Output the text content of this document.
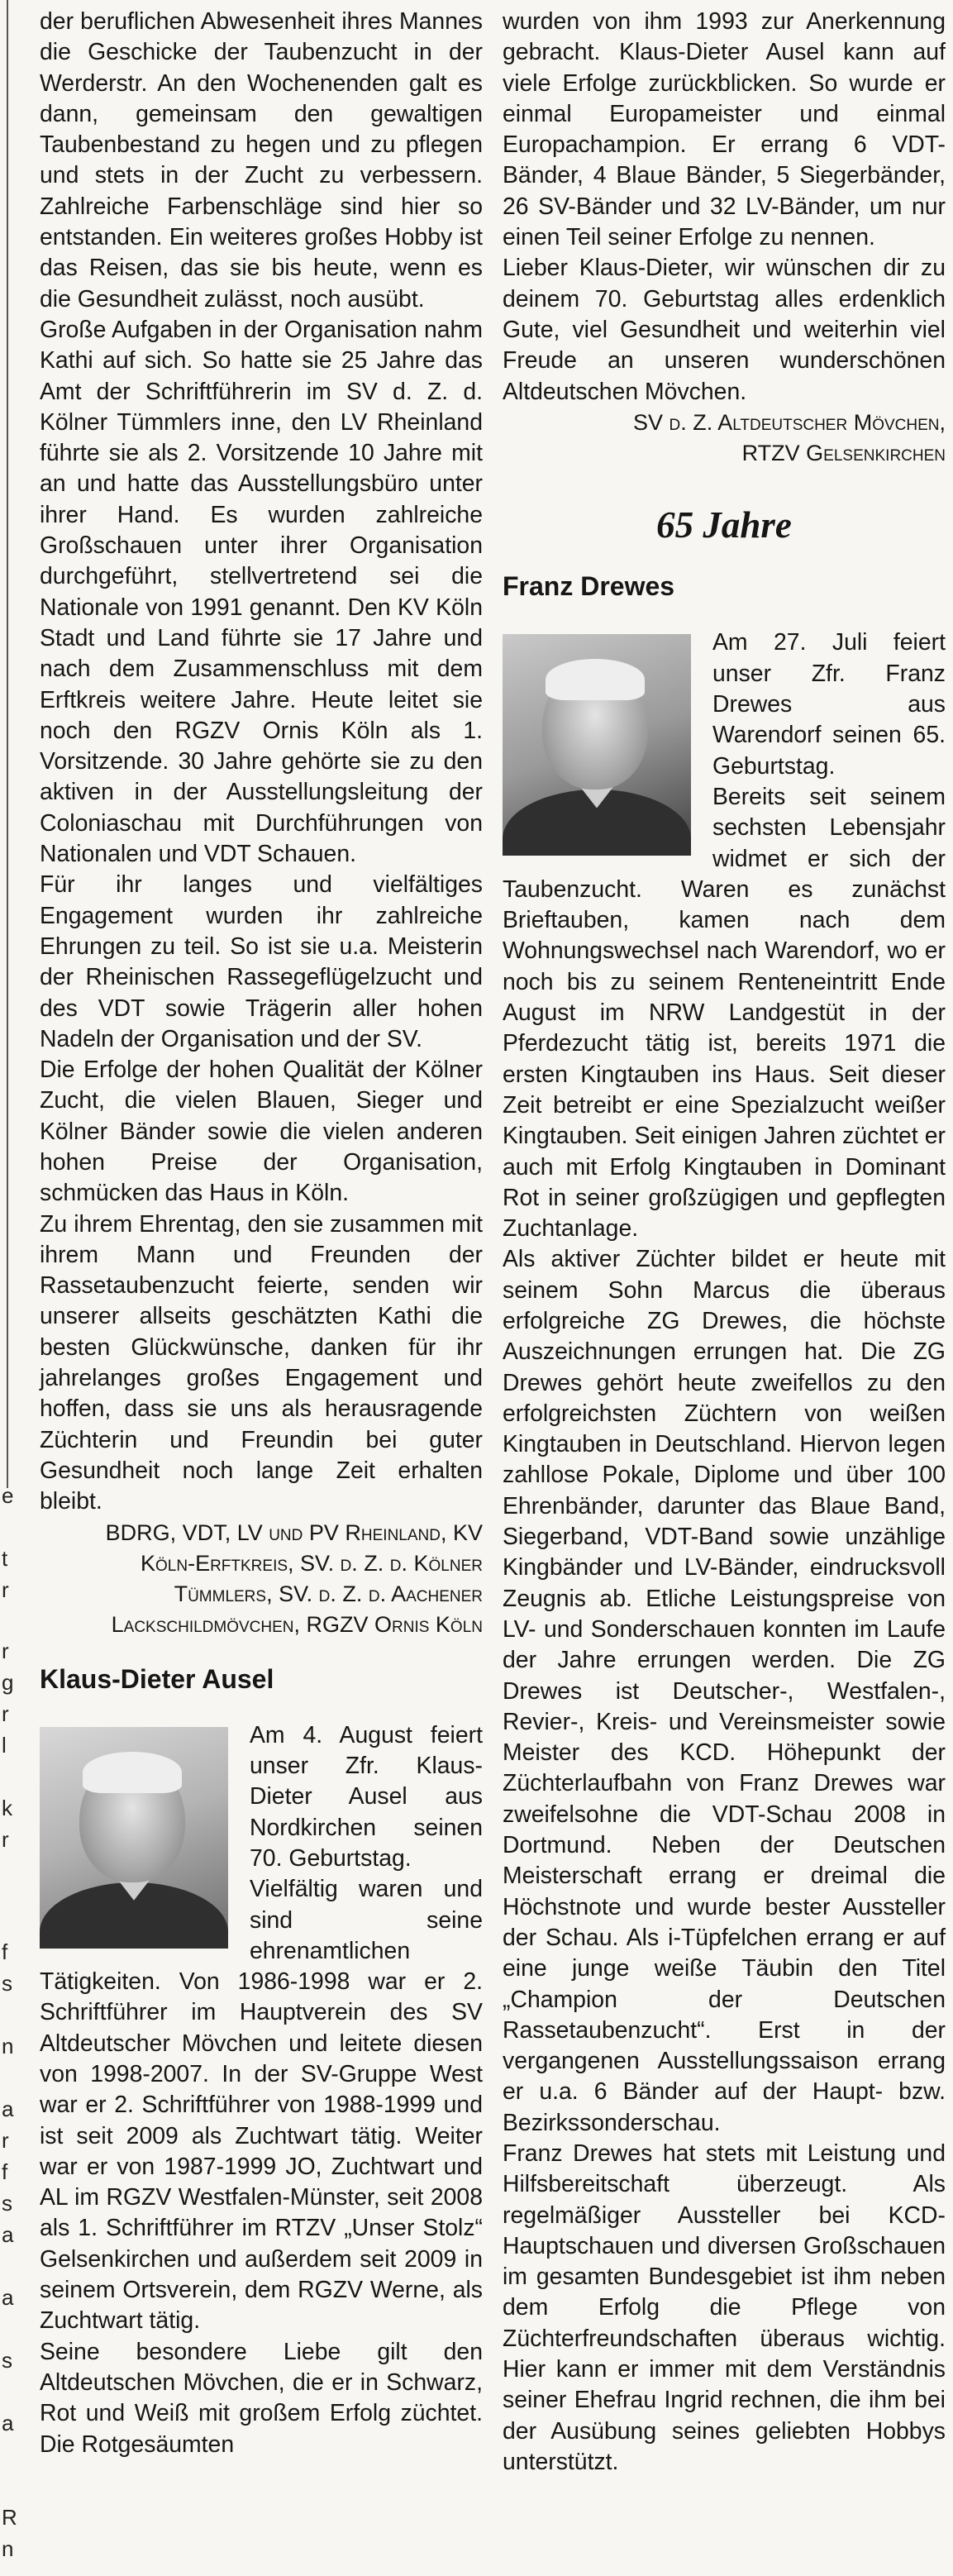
e
t
r
r
g
r
l
k
r
f
s
n
a
r
f
s
a
a
s
a
R
n

der beruflichen Abwesenheit ihres Mannes die Geschicke der Taubenzucht in der Werderstr. An den Wochenenden galt es dann, gemeinsam den gewaltigen Taubenbestand zu hegen und zu pflegen und stets in der Zucht zu verbessern. Zahlreiche Farbenschläge sind hier so entstanden. Ein weiteres großes Hobby ist das Reisen, das sie bis heute, wenn es die Gesundheit zulässt, noch ausübt.

Große Aufgaben in der Organisation nahm Kathi auf sich. So hatte sie 25 Jahre das Amt der Schriftführerin im SV d. Z. d. Kölner Tümmlers inne, den LV Rheinland führte sie als 2. Vorsitzende 10 Jahre mit an und hatte das Ausstellungsbüro unter ihrer Hand. Es wurden zahlreiche Großschauen unter ihrer Organisation durchgeführt, stellvertretend sei die Nationale von 1991 genannt. Den KV Köln Stadt und Land führte sie 17 Jahre und nach dem Zusammenschluss mit dem Erftkreis weitere Jahre. Heute leitet sie noch den RGZV Ornis Köln als 1. Vorsitzende. 30 Jahre gehörte sie zu den aktiven in der Ausstellungsleitung der Coloniaschau mit Durchführungen von Nationalen und VDT Schauen.

Für ihr langes und vielfältiges Engagement wurden ihr zahlreiche Ehrungen zu teil. So ist sie u.a. Meisterin der Rheinischen Rassegeflügelzucht und des VDT sowie Trägerin aller hohen Nadeln der Organisation und der SV.

Die Erfolge der hohen Qualität der Kölner Zucht, die vielen Blauen, Sieger und Kölner Bänder sowie die vielen anderen hohen Preise der Organisation, schmücken das Haus in Köln.

Zu ihrem Ehrentag, den sie zusammen mit ihrem Mann und Freunden der Rassetaubenzucht feierte, senden wir unserer allseits geschätzten Kathi die besten Glückwünsche, danken für ihr jahrelanges großes Engagement und hoffen, dass sie uns als herausragende Züchterin und Freundin bei guter Gesundheit noch lange Zeit erhalten bleibt.

BDRG, VDT, LV und PV Rheinland, KV Köln-Erftkreis, SV. d. Z. d. Kölner Tümmlers, SV. d. Z. d. Aachener Lackschildmövchen, RGZV Ornis Köln

Klaus-Dieter Ausel

Am 4. August feiert unser Zfr. Klaus-Dieter Ausel aus Nordkirchen seinen 70. Geburtstag.

Vielfältig waren und sind seine ehrenamtlichen Tätigkeiten. Von 1986-1998 war er 2. Schriftführer im Hauptverein des SV Altdeutscher Mövchen und leitete diesen von 1998-2007. In der SV-Gruppe West war er 2. Schriftführer von 1988-1999 und ist seit 2009 als Zuchtwart tätig. Weiter war er von 1987-1999 JO, Zuchtwart und AL im RGZV Westfalen-Münster, seit 2008 als 1. Schriftführer im RTZV „Unser Stolz“ Gelsenkirchen und außerdem seit 2009 in seinem Ortsverein, dem RGZV Werne, als Zuchtwart tätig.

Seine besondere Liebe gilt den Altdeutschen Mövchen, die er in Schwarz, Rot und Weiß mit großem Erfolg züchtet. Die Rotgesäumten

wurden von ihm 1993 zur Anerkennung gebracht. Klaus-Dieter Ausel kann auf viele Erfolge zurückblicken. So wurde er einmal Europameister und einmal Europachampion. Er errang 6 VDT-Bänder, 4 Blaue Bänder, 5 Siegerbänder, 26 SV-Bänder und 32 LV-Bänder, um nur einen Teil seiner Erfolge zu nennen.

Lieber Klaus-Dieter, wir wünschen dir zu deinem 70. Geburtstag alles erdenklich Gute, viel Gesundheit und weiterhin viel Freude an unseren wunderschönen Altdeutschen Mövchen.

SV d. Z. Altdeutscher Mövchen,

RTZV Gelsenkirchen

65 Jahre
Franz Drewes

Am 27. Juli feiert unser Zfr. Franz Drewes aus Warendorf seinen 65. Geburtstag.

Bereits seit seinem sechsten Lebensjahr widmet er sich der Taubenzucht. Waren es zunächst Brieftauben, kamen nach dem Wohnungswechsel nach Warendorf, wo er noch bis zu seinem Renteneintritt Ende August im NRW Landgestüt in der Pferdezucht tätig ist, bereits 1971 die ersten Kingtauben ins Haus. Seit dieser Zeit betreibt er eine Spezialzucht weißer Kingtauben. Seit einigen Jahren züchtet er auch mit Erfolg Kingtauben in Dominant Rot in seiner großzügigen und gepflegten Zuchtanlage.

Als aktiver Züchter bildet er heute mit seinem Sohn Marcus die überaus erfolgreiche ZG Drewes, die höchste Auszeichnungen errungen hat. Die ZG Drewes gehört heute zweifellos zu den erfolgreichsten Züchtern von weißen Kingtauben in Deutschland. Hiervon legen zahllose Pokale, Diplome und über 100 Ehrenbänder, darunter das Blaue Band, Siegerband, VDT-Band sowie unzählige Kingbänder und LV-Bänder, eindrucksvoll Zeugnis ab. Etliche Leistungspreise von LV- und Sonderschauen konnten im Laufe der Jahre errungen werden. Die ZG Drewes ist Deutscher-, Westfalen-, Revier-, Kreis- und Vereinsmeister sowie Meister des KCD. Höhepunkt der Züchterlaufbahn von Franz Drewes war zweifelsohne die VDT-Schau 2008 in Dortmund. Neben der Deutschen Meisterschaft errang er dreimal die Höchstnote und wurde bester Aussteller der Schau. Als i-Tüpfelchen errang er auf eine junge weiße Täubin den Titel „Champion der Deutschen Rassetaubenzucht“. Erst in der vergangenen Ausstellungssaison errang er u.a. 6 Bänder auf der Haupt- bzw. Bezirkssonderschau.

Franz Drewes hat stets mit Leistung und Hilfsbereitschaft überzeugt. Als regelmäßiger Aussteller bei KCD-Hauptschauen und diversen Großschauen im gesamten Bundesgebiet ist ihm neben dem Erfolg die Pflege von Züchterfreundschaften überaus wichtig. Hier kann er immer mit dem Verständnis seiner Ehefrau Ingrid rechnen, die ihm bei der Ausübung seines geliebten Hobbys unterstützt.
